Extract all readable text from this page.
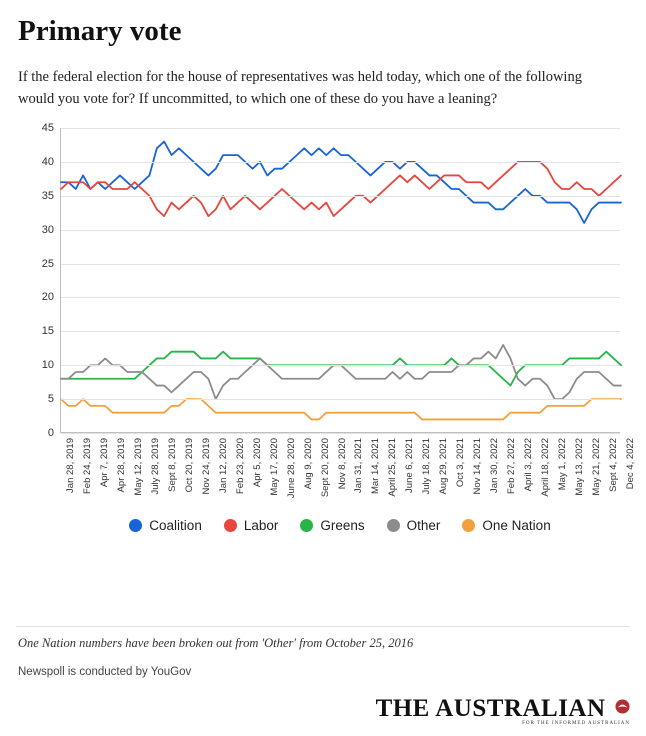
Primary vote

If the federal election for the house of representatives was held today, which one of the following would you vote for? If uncommitted, to which one of these do you have a leaning?

0
5
10
15
20
25
30
35
40
45
Jan 28, 2019 Feb 24, 2019 Apr 7, 2019 Apr 28, 2019 May 12, 2019 July 28, 2019 Sept 8, 2019 Oct 20, 2019 Nov 24, 2019 Jan 12, 2020 Feb 23, 2020 Apr 5, 2020 May 17, 2020 June 28, 2020 Aug 9, 2020 Sept 20, 2020 Nov 8, 2020 Jan 31, 2021 Mar 14, 2021 April 25, 2021 June 6, 2021 July 18, 2021 Aug 29, 2021 Oct 3, 2021 Nov 14, 2021 Jan 30, 2022 Feb 27, 2022 April 3, 2022 April 18, 2022 May 1, 2022 May 13, 2022 May 21, 2022 Sept 4, 2022 Dec 4, 2022
Coalition	Labor	Greens	Other	One Nation
One Nation numbers have been broken out from 'Other' from October 25, 2016
Newspoll is conducted by YouGov
THE AUSTRALIAN
FOR THE INFORMED AUSTRALIAN
